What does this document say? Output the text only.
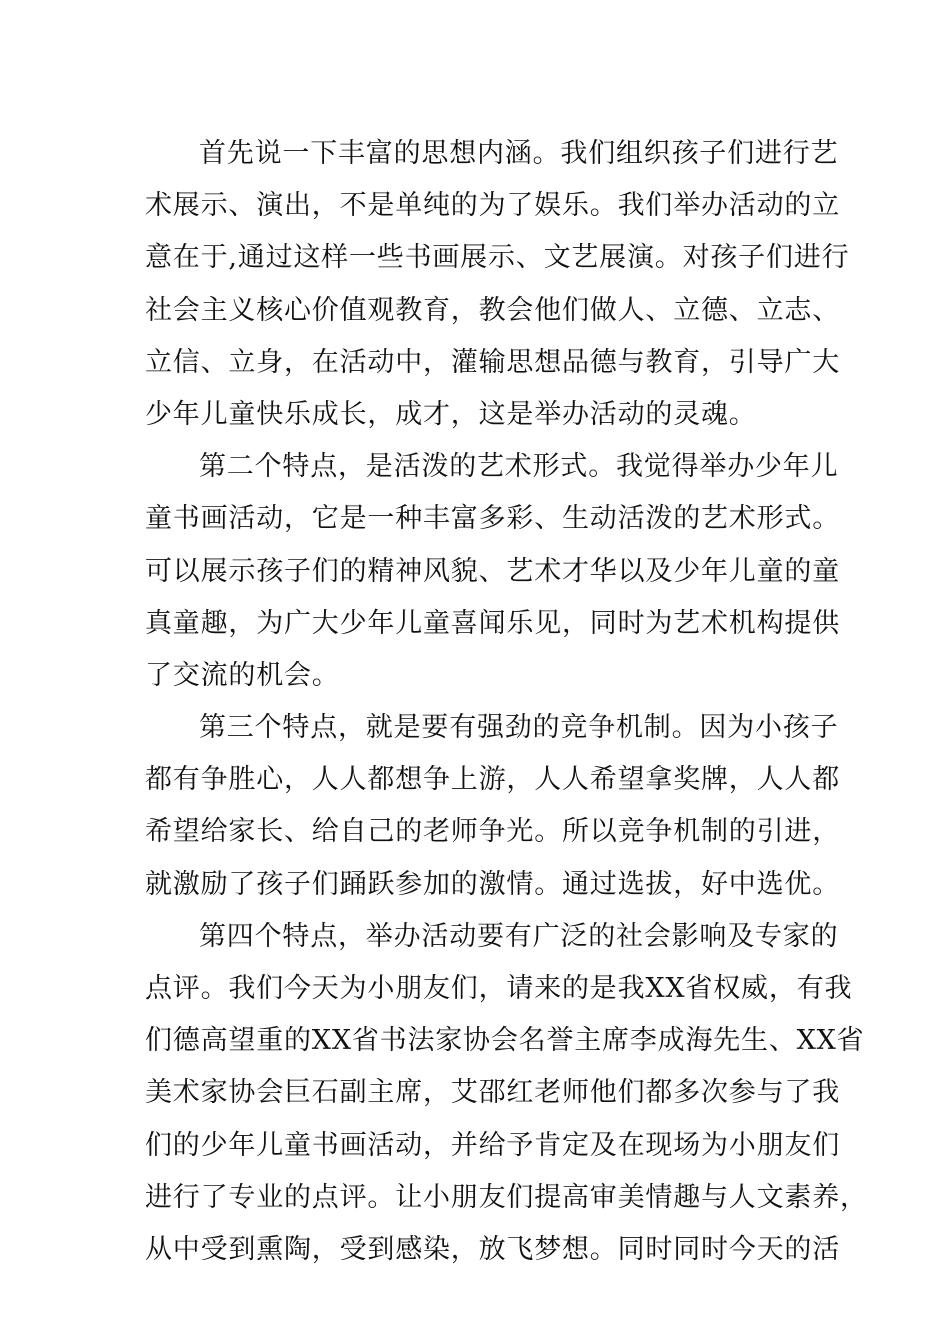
首先说一下丰富的思想内涵。我们组织孩子们进行艺
术展示、演出，不是单纯的为了娱乐。我们举办活动的立
意在于,通过这样一些书画展示、文艺展演。对孩子们进行
社会主义核心价值观教育，教会他们做人、立德、立志、
立信、立身，在活动中，灌输思想品德与教育，引导广大
少年儿童快乐成长，成才，这是举办活动的灵魂。
第二个特点，是活泼的艺术形式。我觉得举办少年儿
童书画活动，它是一种丰富多彩、生动活泼的艺术形式。
可以展示孩子们的精神风貌、艺术才华以及少年儿童的童
真童趣，为广大少年儿童喜闻乐见，同时为艺术机构提供
了交流的机会。
第三个特点，就是要有强劲的竞争机制。因为小孩子
都有争胜心，人人都想争上游，人人希望拿奖牌，人人都
希望给家长、给自己的老师争光。所以竞争机制的引进，
就激励了孩子们踊跃参加的激情。通过选拔，好中选优。
第四个特点，举办活动要有广泛的社会影响及专家的
点评。我们今天为小朋友们，请来的是我XX省权威，有我
们德高望重的XX省书法家协会名誉主席李成海先生、XX省
美术家协会巨石副主席，艾邵红老师他们都多次参与了我
们的少年儿童书画活动，并给予肯定及在现场为小朋友们
进行了专业的点评。让小朋友们提高审美情趣与人文素养，
从中受到熏陶，受到感染，放飞梦想。同时同时今天的活
